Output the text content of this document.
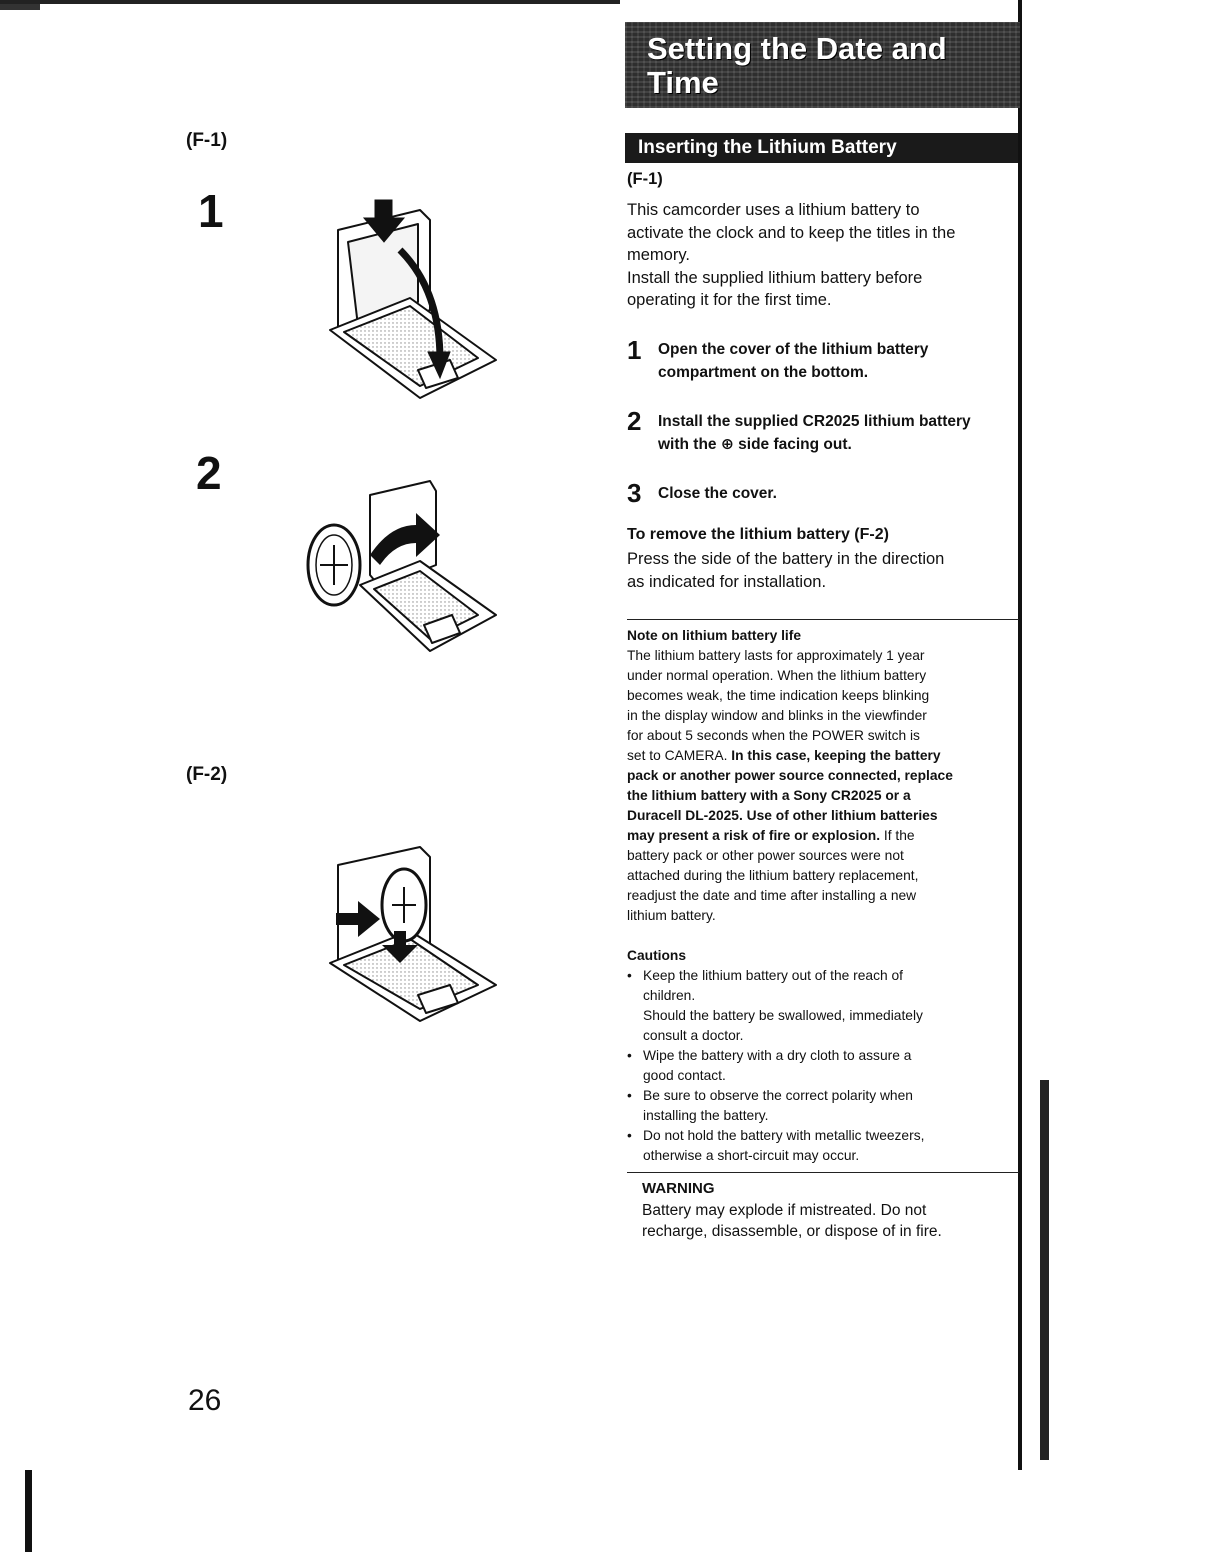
(F-1)
1
2
(F-2)
26
Setting the Date and
Time
Inserting the Lithium Battery
(F-1)
This camcorder uses a lithium battery to
activate the clock and to keep the titles in the
memory.
Install the supplied lithium battery before
operating it for the first time.
1 Open the cover of the lithium battery
compartment on the bottom.
2 Install the supplied CR2025 lithium battery
with the ⊕ side facing out.
3 Close the cover.
To remove the lithium battery (F-2)
Press the side of the battery in the direction
as indicated for installation.
Note on lithium battery life
The lithium battery lasts for approximately 1 year
under normal operation. When the lithium battery
becomes weak, the time indication keeps blinking
in the display window and blinks in the viewfinder
for about 5 seconds when the POWER switch is
set to CAMERA. In this case, keeping the battery
pack or another power source connected, replace
the lithium battery with a Sony CR2025 or a
Duracell DL-2025. Use of other lithium batteries
may present a risk of fire or explosion. If the
battery pack or other power sources were not
attached during the lithium battery replacement,
readjust the date and time after installing a new
lithium battery.
Cautions
• Keep the lithium battery out of the reach of
children.
Should the battery be swallowed, immediately
consult a doctor.
• Wipe the battery with a dry cloth to assure a
good contact.
• Be sure to observe the correct polarity when
installing the battery.
• Do not hold the battery with metallic tweezers,
otherwise a short-circuit may occur.
WARNING
Battery may explode if mistreated. Do not
recharge, disassemble, or dispose of in fire.
